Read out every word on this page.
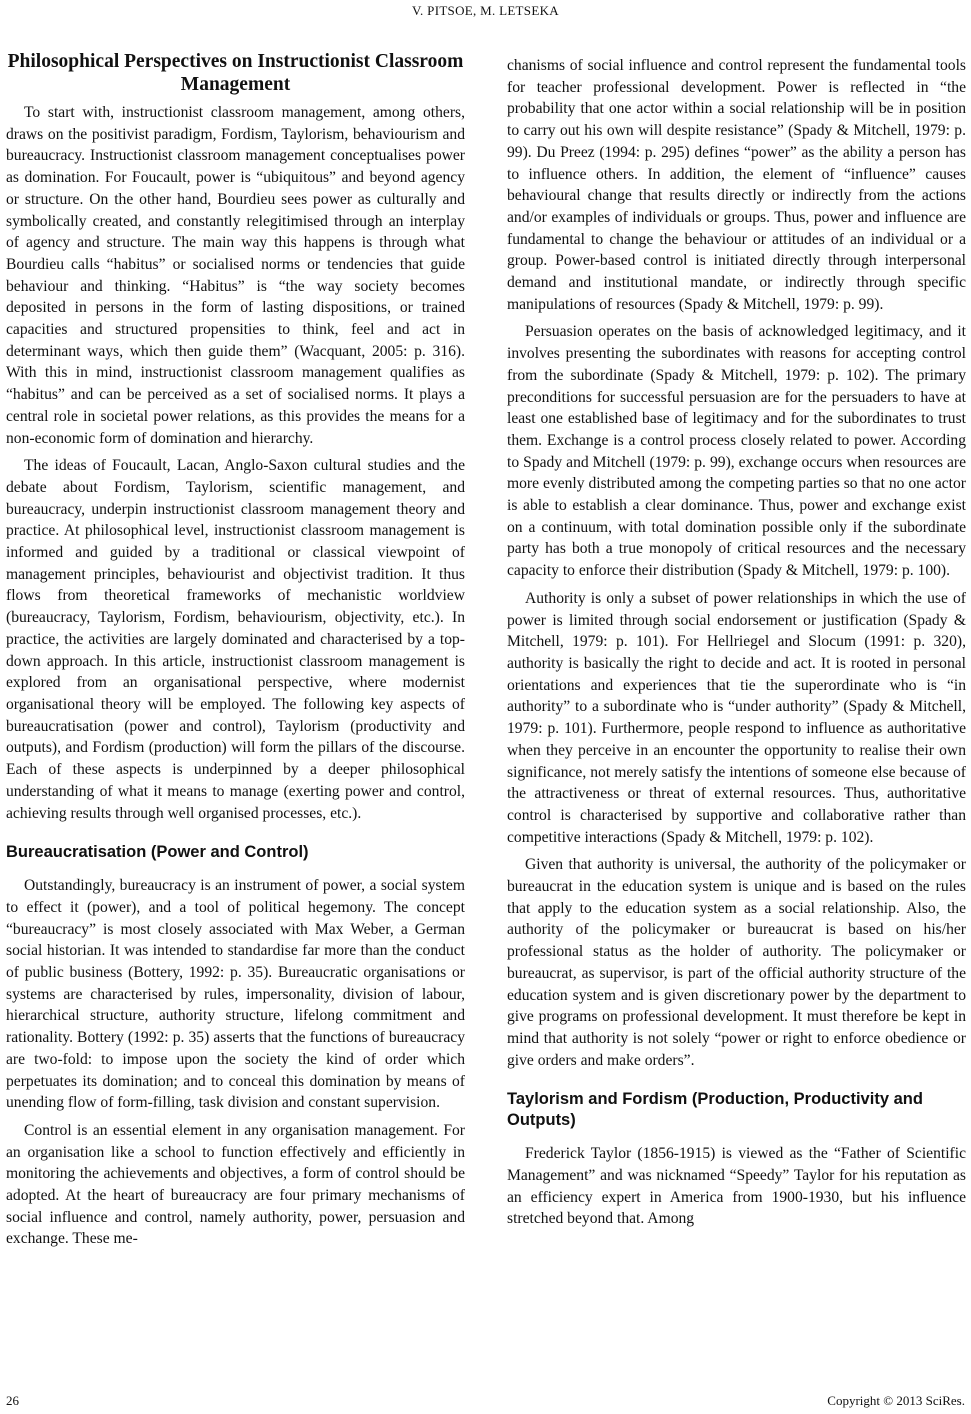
V. PITSOE, M. LETSEKA
Philosophical Perspectives on Instructionist Classroom Management

To start with, instructionist classroom management, among others, draws on the positivist paradigm, Fordism, Taylorism, behaviourism and bureaucracy. Instructionist classroom management conceptualises power as domination. For Foucault, power is “ubiquitous” and beyond agency or structure. On the other hand, Bourdieu sees power as culturally and symbolically created, and constantly relegitimised through an interplay of agency and structure. The main way this happens is through what Bourdieu calls “habitus” or socialised norms or tendencies that guide behaviour and thinking. “Habitus” is “the way society becomes deposited in persons in the form of lasting dispositions, or trained capacities and structured propensities to think, feel and act in determinant ways, which then guide them” (Wacquant, 2005: p. 316). With this in mind, instructionist classroom management qualifies as “habitus” and can be perceived as a set of socialised norms. It plays a central role in societal power relations, as this provides the means for a non-economic form of domination and hierarchy.

The ideas of Foucault, Lacan, Anglo-Saxon cultural studies and the debate about Fordism, Taylorism, scientific management, and bureaucracy, underpin instructionist classroom management theory and practice. At philosophical level, instructionist classroom management is informed and guided by a traditional or classical viewpoint of management principles, behaviourist and objectivist tradition. It thus flows from theoretical frameworks of mechanistic worldview (bureaucracy, Taylorism, Fordism, behaviourism, objectivity, etc.). In practice, the activities are largely dominated and characterised by a top-down approach. In this article, instructionist classroom management is explored from an organisational perspective, where modernist organisational theory will be employed. The following key aspects of bureaucratisation (power and control), Taylorism (productivity and outputs), and Fordism (production) will form the pillars of the discourse. Each of these aspects is underpinned by a deeper philosophical understanding of what it means to manage (exerting power and control, achieving results through well organised processes, etc.).

Bureaucratisation (Power and Control)

Outstandingly, bureaucracy is an instrument of power, a social system to effect it (power), and a tool of political hegemony. The concept “bureaucracy” is most closely associated with Max Weber, a German social historian. It was intended to standardise far more than the conduct of public business (Bottery, 1992: p. 35). Bureaucratic organisations or systems are characterised by rules, impersonality, division of labour, hierarchical structure, authority structure, lifelong commitment and rationality. Bottery (1992: p. 35) asserts that the functions of bureaucracy are two-fold: to impose upon the society the kind of order which perpetuates its domination; and to conceal this domination by means of unending flow of form-filling, task division and constant supervision.

Control is an essential element in any organisation management. For an organisation like a school to function effectively and efficiently in monitoring the achievements and objectives, a form of control should be adopted. At the heart of bureaucracy are four primary mechanisms of social influence and control, namely authority, power, persuasion and exchange. These me-

chanisms of social influence and control represent the fundamental tools for teacher professional development. Power is reflected in “the probability that one actor within a social relationship will be in position to carry out his own will despite resistance” (Spady & Mitchell, 1979: p. 99). Du Preez (1994: p. 295) defines “power” as the ability a person has to influence others. In addition, the element of “influence” causes behavioural change that results directly or indirectly from the actions and/or examples of individuals or groups. Thus, power and influence are fundamental to change the behaviour or attitudes of an individual or a group. Power-based control is initiated directly through interpersonal demand and institutional mandate, or indirectly through specific manipulations of resources (Spady & Mitchell, 1979: p. 99).

Persuasion operates on the basis of acknowledged legitimacy, and it involves presenting the subordinates with reasons for accepting control from the subordinate (Spady & Mitchell, 1979: p. 102). The primary preconditions for successful persuasion are for the persuaders to have at least one established base of legitimacy and for the subordinates to trust them. Exchange is a control process closely related to power. According to Spady and Mitchell (1979: p. 99), exchange occurs when resources are more evenly distributed among the competing parties so that no one actor is able to establish a clear dominance. Thus, power and exchange exist on a continuum, with total domination possible only if the subordinate party has both a true monopoly of critical resources and the necessary capacity to enforce their distribution (Spady & Mitchell, 1979: p. 100).

Authority is only a subset of power relationships in which the use of power is limited through social endorsement or justification (Spady & Mitchell, 1979: p. 101). For Hellriegel and Slocum (1991: p. 320), authority is basically the right to decide and act. It is rooted in personal orientations and experiences that tie the superordinate who is “in authority” to a subordinate who is “under authority” (Spady & Mitchell, 1979: p. 101). Furthermore, people respond to influence as authoritative when they perceive in an encounter the opportunity to realise their own significance, not merely satisfy the intentions of someone else because of the attractiveness or threat of external resources. Thus, authoritative control is characterised by supportive and collaborative rather than competitive interactions (Spady & Mitchell, 1979: p. 102).

Given that authority is universal, the authority of the policymaker or bureaucrat in the education system is unique and is based on the rules that apply to the education system as a social relationship. Also, the authority of the policymaker or bureaucrat is based on his/her professional status as the holder of authority. The policymaker or bureaucrat, as supervisor, is part of the official authority structure of the education system and is given discretionary power by the department to give programs on professional development. It must therefore be kept in mind that authority is not solely “power or right to enforce obedience or give orders and make orders”.

Taylorism and Fordism (Production, Productivity and Outputs)

Frederick Taylor (1856-1915) is viewed as the “Father of Scientific Management” and was nicknamed “Speedy” Taylor for his reputation as an efficiency expert in America from 1900-1930, but his influence stretched beyond that. Among

26	Copyright © 2013 SciRes.
